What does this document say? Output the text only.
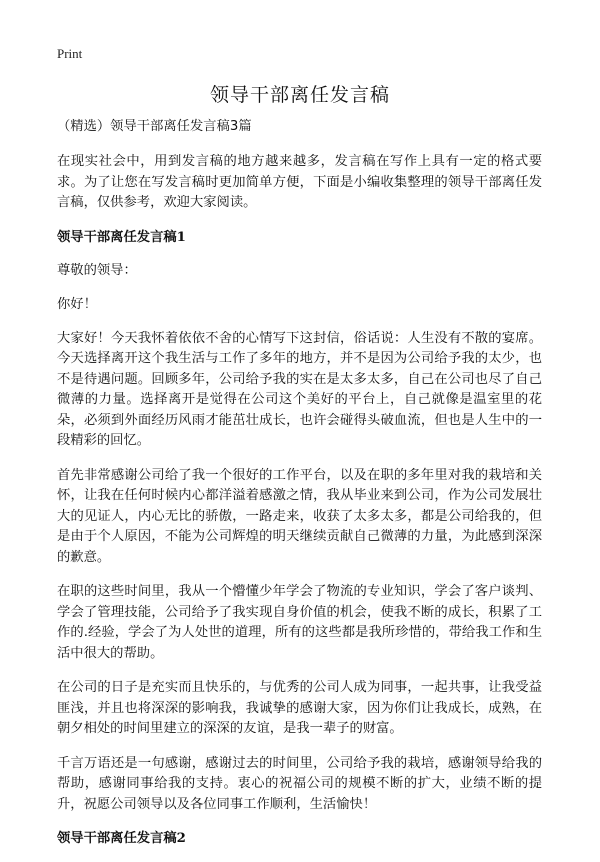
Print
领导干部离任发言稿

（精选）领导干部离任发言稿3篇

在现实社会中，用到发言稿的地方越来越多，发言稿在写作上具有一定的格式要求。为了让您在写发言稿时更加简单方便，下面是小编收集整理的领导干部离任发言稿，仅供参考，欢迎大家阅读。

领导干部离任发言稿1

尊敬的领导：

你好！

大家好！今天我怀着依依不舍的心情写下这封信，俗话说：人生没有不散的宴席。今天选择离开这个我生活与工作了多年的地方，并不是因为公司给予我的太少，也不是待遇问题。回顾多年，公司给予我的实在是太多太多，自己在公司也尽了自己微薄的力量。选择离开是觉得在公司这个美好的平台上，自己就像是温室里的花朵，必须到外面经历风雨才能茁壮成长，也许会碰得头破血流，但也是人生中的一段精彩的回忆。

首先非常感谢公司给了我一个很好的工作平台，以及在职的多年里对我的栽培和关怀，让我在任何时候内心都洋溢着感激之情，我从毕业来到公司，作为公司发展壮大的见证人，内心无比的骄傲，一路走来，收获了太多太多，都是公司给我的，但是由于个人原因，不能为公司辉煌的明天继续贡献自己微薄的力量，为此感到深深的歉意。

在职的这些时间里，我从一个懵懂少年学会了物流的专业知识，学会了客户谈判、学会了管理技能，公司给予了我实现自身价值的机会，使我不断的成长，积累了工作的.经验，学会了为人处世的道理，所有的这些都是我所珍惜的，带给我工作和生活中很大的帮助。

在公司的日子是充实而且快乐的，与优秀的公司人成为同事，一起共事，让我受益匪浅，并且也将深深的影响我，我诚挚的感谢大家，因为你们让我成长，成熟，在朝夕相处的时间里建立的深深的友谊，是我一辈子的财富。

千言万语还是一句感谢，感谢过去的时间里，公司给予我的栽培，感谢领导给我的帮助，感谢同事给我的支持。衷心的祝福公司的规模不断的扩大，业绩不断的提升，祝愿公司领导以及各位同事工作顺利，生活愉快！

领导干部离任发言稿2
